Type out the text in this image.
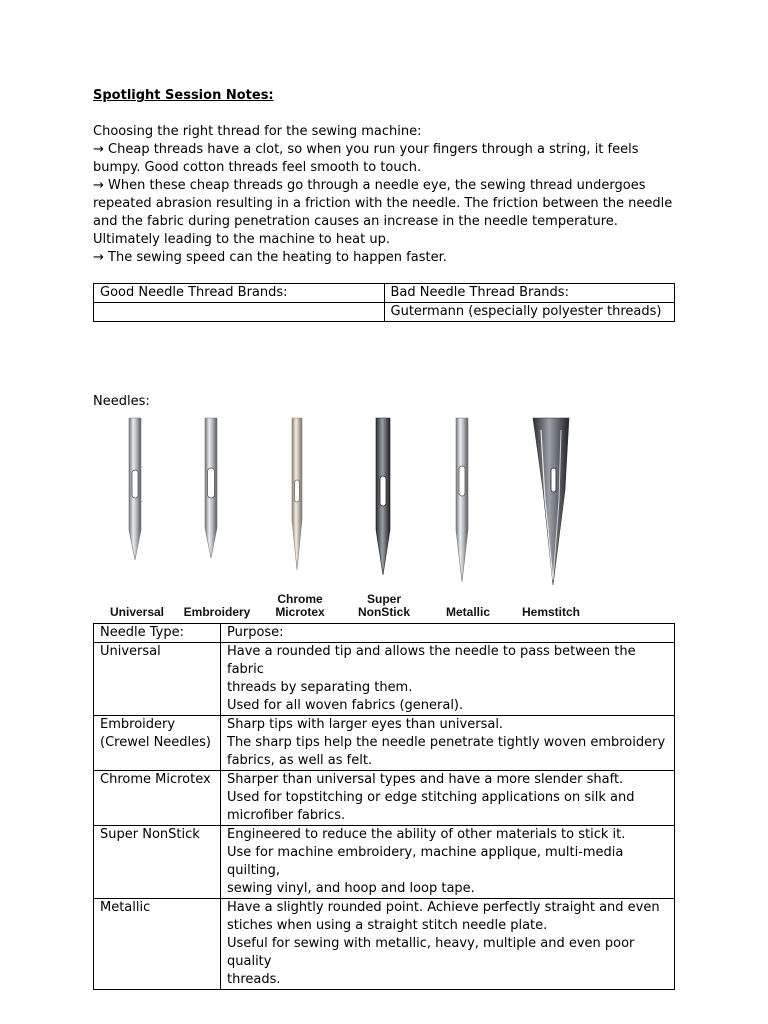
Spotlight Session Notes:

Choosing the right thread for the sewing machine:

→ Cheap threads have a clot, so when you run your fingers through a string, it feels bumpy. Good cotton threads feel smooth to touch.

→ When these cheap threads go through a needle eye, the sewing thread undergoes repeated abrasion resulting in a friction with the needle. The friction between the needle and the fabric during penetration causes an increase in the needle temperature. Ultimately leading to the machine to heat up.

→ The sewing speed can the heating to happen faster.

Good Needle Thread Brands:	Bad Needle Thread Brands:
	Gutermann (especially polyester threads)
Needles:
Universal Embroidery
Chrome
Microtex
Super
NonStick	Metallic	Hemstitch
Needle Type:	Purpose:
Universal	Have a rounded tip and allows the needle to pass between the fabric
threads by separating them.
Used for all woven fabrics (general).

Embroidery
(Crewel Needles)	Sharp tips with larger eyes than universal.
The sharp tips help the needle penetrate tightly woven embroidery
fabrics, as well as felt.

Chrome Microtex	Sharper than universal types and have a more slender shaft.
Used for topstitching or edge stitching applications on silk and
microfiber fabrics.

Super NonStick	Engineered to reduce the ability of other materials to stick it.
Use for machine embroidery, machine applique, multi-media quilting,
sewing vinyl, and hoop and loop tape.

Metallic	Have a slightly rounded point. Achieve perfectly straight and even
stiches when using a straight stitch needle plate.
Useful for sewing with metallic, heavy, multiple and even poor quality
threads.
